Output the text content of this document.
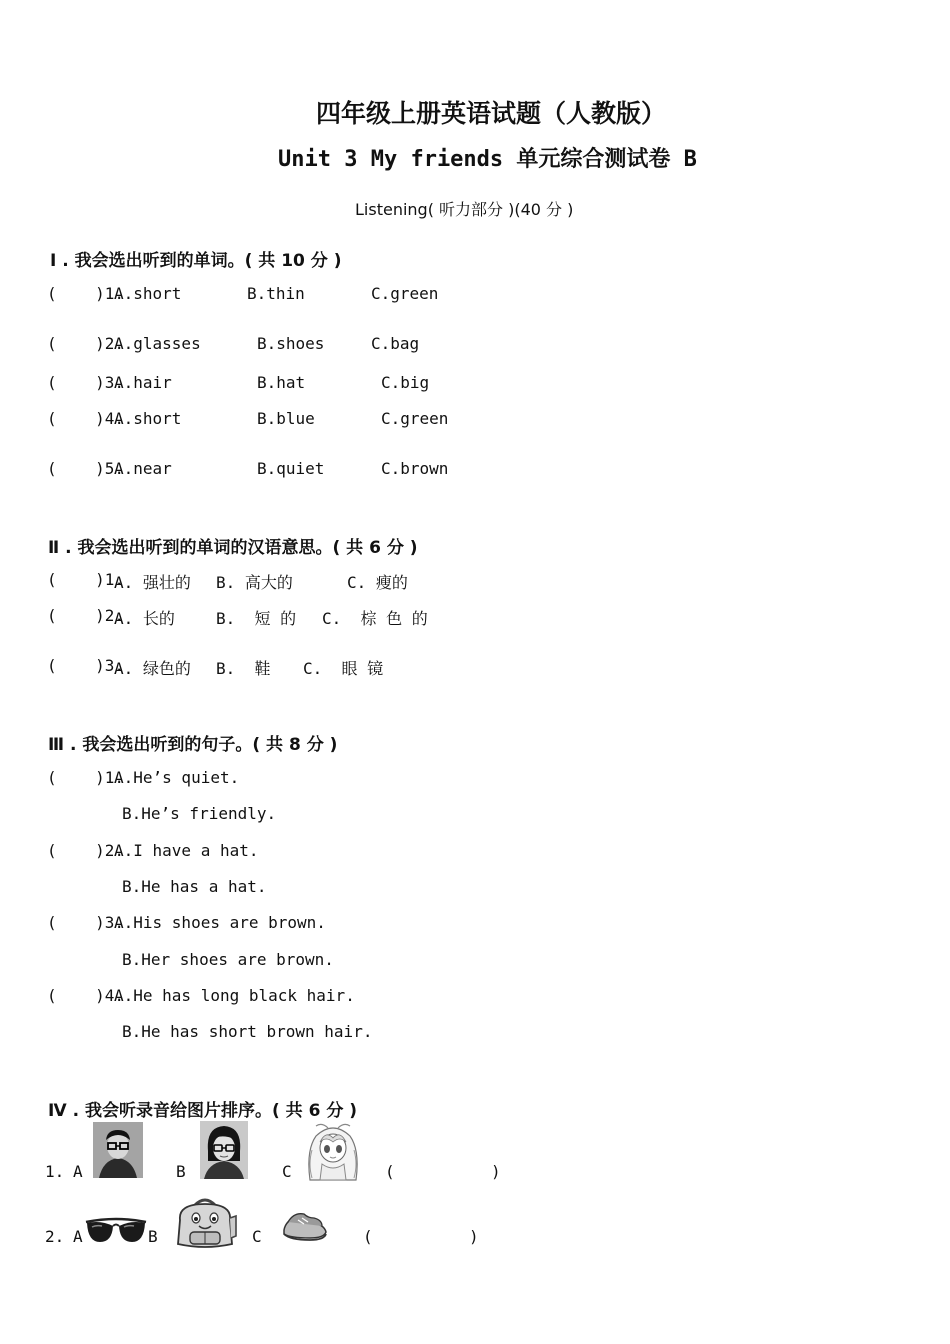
四年级上册英语试题（人教版）
Unit 3 My friends 单元综合测试卷 B
Listening( 听力部分 )(40 分 )
Ⅰ . 我会选出听到的单词。( 共 10 分 )
(    )1.
A.short	B.thin	C.green
(    )2.
A.glasses	B.shoes	C.bag
(    )3.
A.hair	B.hat	C.big
(    )4.
A.short	B.blue	C.green
(    )5.
A.near	B.quiet	C.brown
Ⅱ . 我会选出听到的单词的汉语意思。( 共 6 分 )
(    )1.
A. 强壮的 B. 高大的	C. 瘦的
(    )2.
A. 长的	B.  短 的 C.  棕 色 的
(    )3.
A. 绿色的 B.  鞋 C.  眼 镜
Ⅲ . 我会选出听到的句子。( 共 8 分 )
(    )1.
A.He’s quiet.
B.He’s friendly.
(    )2.
A.I have a hat.
B.He has a hat.
(    )3.
A.His shoes are brown.
B.Her shoes are brown.
(    )4.
A.He has long black hair.
B.He has short brown hair.
Ⅳ . 我会听录音给图片排序。( 共 6 分 )
1. A	B	C	(          )
2. A	B	C	(          )
